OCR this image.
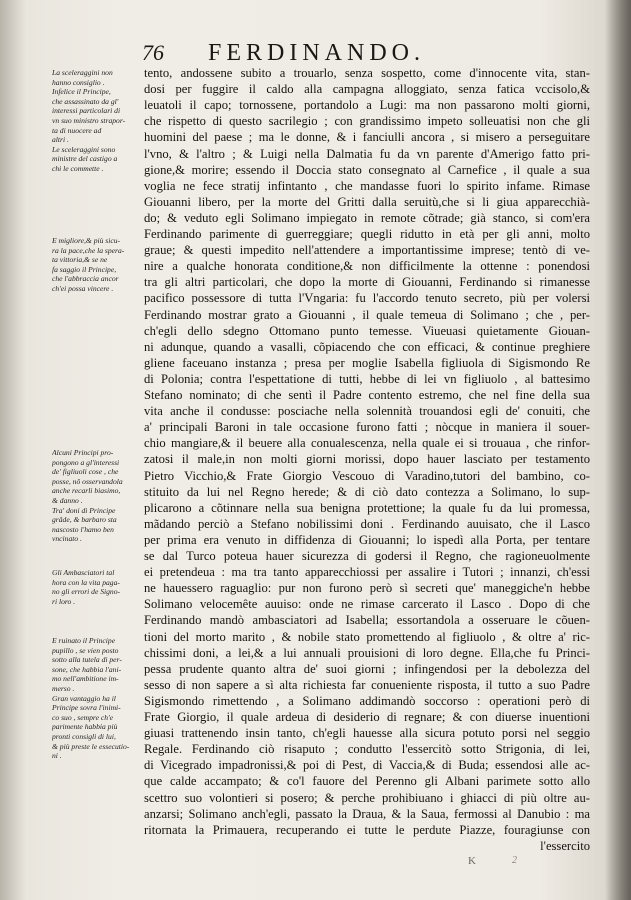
76 FERDINANDO.
La sceleraggini non
hanno consiglio .
Infelice il Principe,
che assassinato da gl'
interessi particolari di
vn suo ministro strapor-
ta di nuocere ad
altri .
Le sceleraggini sono
ministre del castigo a
chi le commette .
E migliore,& più sicu-
ra la pace,che la spera-
ta vittoria,& se ne
fa saggio il Principe,
che l'abbraccia ancor
ch'ei possa vincere .
Alcuni Principi pro-
pongono a gl'interessi
de' figliuoli cose , che
posse, nô osservandola
anche recarli biasimo,
& danno .
Tra' doni di Principe
grâde, & barbaro sta
nascosto l'hamo ben
vncinato .
Gli Ambasciatori tal
hora con la vita paga-
no gli errori de Signo-
ri loro .
E ruinato il Principe
pupillo , se vien posto
sotto alla tutela di per-
sone, che habbia l'ani-
mo nell'ambitione im-
merso .
Gran vantaggio ha il
Principe sovra l'inimi-
co suo , sempre ch'e
parimente habbia più
pronti consigli di lui,
& più preste le essecutio-
ni .
tento, andossene subito a trouarlo, senza sospetto, come d'innocente vita, stan-
dosi per fuggire il caldo alla campagna alloggiato, senza fatica vccisolo,&
leuatoli il capo; tornossene, portandolo a Lugi: ma non passarono molti giorni,
che rispetto di questo sacrilegio ; con grandissimo impeto solleuatisi non che gli
huomini del paese ; ma le donne, & i fanciulli ancora , si misero a perseguitare
l'vno, & l'altro ; & Luigi nella Dalmatia fu da vn parente d'Amerigo fatto pri-
gione,& morire; essendo il Doccia stato consegnato al Carnefice , il quale a sua
voglia ne fece stratij infintanto , che mandasse fuori lo spirito infame. Rimase
Giouanni libero, per la morte del Gritti dalla seruitù,che si li giua apparecchià-
do; & veduto egli Solimano impiegato in remote cõtrade; già stanco, si com'era
Ferdinando parimente di guerreggiare; quegli ridutto in età per gli anni, molto
graue; & questi impedito nell'attendere a importantissime imprese; tentò di ve-
nire a qualche honorata conditione,& non difficilmente la ottenne : ponendosi
tra gli altri particolari, che dopo la morte di Giouanni, Ferdinando si rimanesse
pacifico possessore di tutta l'Vngaria: fu l'accordo tenuto secreto, più per volersi
Ferdinando mostrar grato a Giouanni , il quale temeua di Solimano ; che , per-
ch'egli dello sdegno Ottomano punto temesse. Viueuasi quietamente Giouan-
ni adunque, quando a vasalli, cõpiacendo che con efficaci, & continue preghiere
gliene faceuano instanza ; presa per moglie Isabella figliuola di Sigismondo Re
di Polonia; contra l'espettatione di tutti, hebbe di lei vn figliuolo , al battesimo
Stefano nominato; di che sentì il Padre contento estremo, che nel fine della sua
vita anche il condusse: posciache nella solennità trouandosi egli de' conuiti, che
a' principali Baroni in tale occasione furono fatti ; nòcque in maniera il souer-
chio mangiare,& il beuere alla conualescenza, nella quale ei si trouaua , che rinfor-
zatosi il male,in non molti giorni morissi, dopo hauer lasciato per testamento
Pietro Vicchio,& Frate Giorgio Vescouo di Varadino,tutori del bambino, co-
stituito da lui nel Regno herede; & di ciò dato contezza a Solimano, lo sup-
plicarono a cõtinnare nella sua benigna protettione; la quale fu da lui promessa,
mãdando perciò a Stefano nobilissimi doni . Ferdinando auuisato, che il Lasco
per prima era venuto in diffidenza di Giouanni; lo ispedì alla Porta, per tentare
se dal Turco poteua hauer sicurezza di godersi il Regno, che ragioneuolmente
ei pretendeua : ma tra tanto apparecchiossi per assalire i Tutori ; innanzi, ch'essi
ne hauessero raguaglio: pur non furono però sì secreti que' maneggiche'n hebbe
Solimano velocemête auuiso: onde ne rimase carcerato il Lasco . Dopo di che
Ferdinando mandò ambasciatori ad Isabella; essortandola a osseruare le cõuen-
tioni del morto marito , & nobile stato promettendo al figliuolo , & oltre a' ric-
chissimi doni, a lei,& a lui annuali prouisioni di loro degne. Ella,che fu Princi-
pessa prudente quanto altra de' suoi giorni ; infingendosi per la debolezza del
sesso di non sapere a sì alta richiesta far conueniente risposta, il tutto a suo Padre
Sigismondo rimettendo , a Solimano addimandò soccorso : operationi però di
Frate Giorgio, il quale ardeua di desiderio di regnare; & con diuerse inuentioni
giuasi trattenendo insin tanto, ch'egli hauesse alla sicura potuto porsi nel seggio
Regale. Ferdinando ciò risaputo ; condutto l'essercitò sotto Strigonia, di lei,
di Vicegrado impadronissi,& poi di Pest, di Vaccia,& di Buda; essendosi alle ac-
que calde accampato; & co'l fauore del Perenno gli Albani parimete sotto allo
scettro suo volontieri si posero; & perche prohibiuano i ghiacci di più oltre au-
anzarsi; Solimano anch'egli, passato la Draua, & la Saua, fermossi al Danubio : ma
ritornata la Primauera, recuperando ei tutte le perdute Piazze, fouragiunse con
l'essercito
K	2
